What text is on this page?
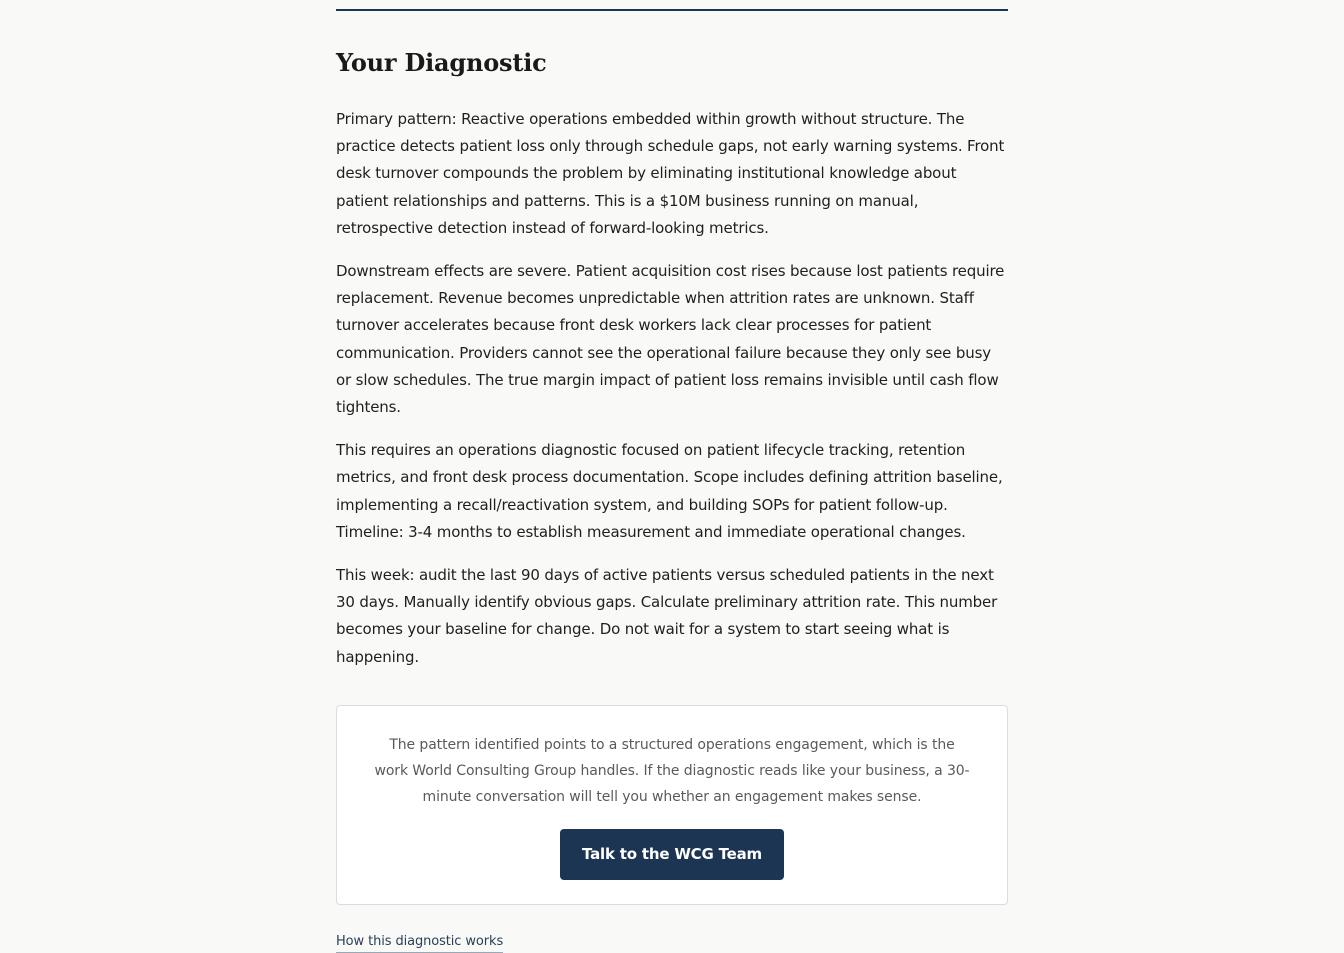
Your Diagnostic

Primary pattern: Reactive operations embedded within growth without structure. The practice detects patient loss only through schedule gaps, not early warning systems. Front desk turnover compounds the problem by eliminating institutional knowledge about patient relationships and patterns. This is a $10M business running on manual, retrospective detection instead of forward-looking metrics.

Downstream effects are severe. Patient acquisition cost rises because lost patients require replacement. Revenue becomes unpredictable when attrition rates are unknown. Staff turnover accelerates because front desk workers lack clear processes for patient communication. Providers cannot see the operational failure because they only see busy or slow schedules. The true margin impact of patient loss remains invisible until cash flow tightens.

This requires an operations diagnostic focused on patient lifecycle tracking, retention metrics, and front desk process documentation. Scope includes defining attrition baseline, implementing a recall/reactivation system, and building SOPs for patient follow-up. Timeline: 3-4 months to establish measurement and immediate operational changes.

This week: audit the last 90 days of active patients versus scheduled patients in the next 30 days. Manually identify obvious gaps. Calculate preliminary attrition rate. This number becomes your baseline for change. Do not wait for a system to start seeing what is happening.

The pattern identified points to a structured operations engagement, which is the work World Consulting Group handles. If the diagnostic reads like your business, a 30-minute conversation will tell you whether an engagement makes sense.

Talk to the WCG Team
How this diagnostic works
